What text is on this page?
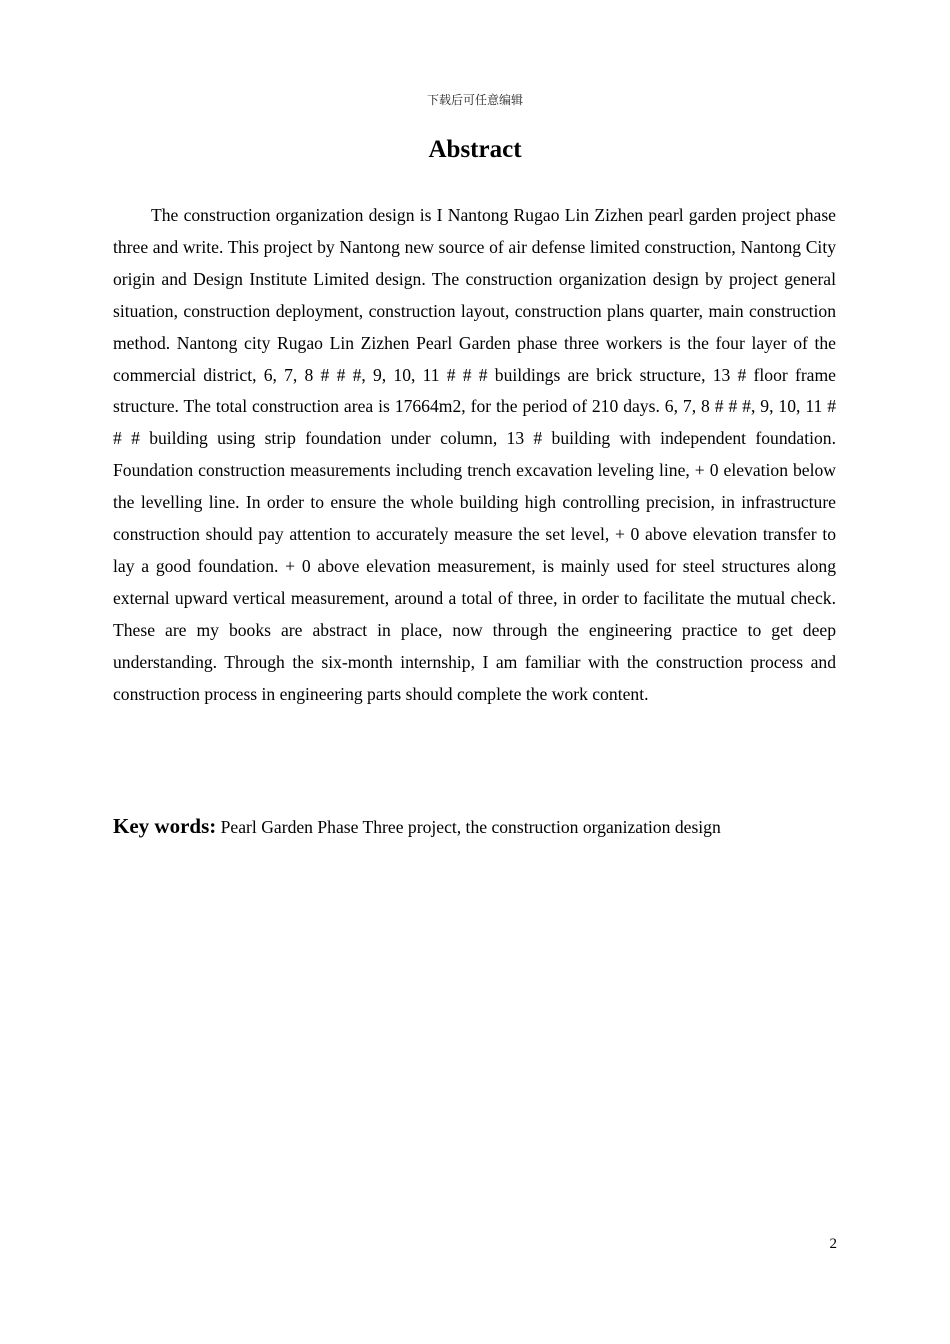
下载后可任意编辑
Abstract

The construction organization design is I Nantong Rugao Lin Zizhen pearl garden project phase three and write. This project by Nantong new source of air defense limited construction, Nantong City origin and Design Institute Limited design. The construction organization design by project general situation, construction deployment, construction layout, construction plans quarter, main construction method. Nantong city Rugao Lin Zizhen Pearl Garden phase three workers is the four layer of the commercial district, 6, 7, 8 # # #, 9, 10, 11 # # # buildings are brick structure, 13 # floor frame structure. The total construction area is 17664m2, for the period of 210 days. 6, 7, 8 # # #, 9, 10, 11 # # # building using strip foundation under column, 13 # building with independent foundation. Foundation construction measurements including trench excavation leveling line, + 0 elevation below the levelling line. In order to ensure the whole building high controlling precision, in infrastructure construction should pay attention to accurately measure the set level, + 0 above elevation transfer to lay a good foundation. + 0 above elevation measurement, is mainly used for steel structures along external upward vertical measurement, around a total of three, in order to facilitate the mutual check. These are my books are abstract in place, now through the engineering practice to get deep understanding. Through the six-month internship, I am familiar with the construction process and construction process in engineering parts should complete the work content.

Key words: Pearl Garden Phase Three project, the construction organization design

2
